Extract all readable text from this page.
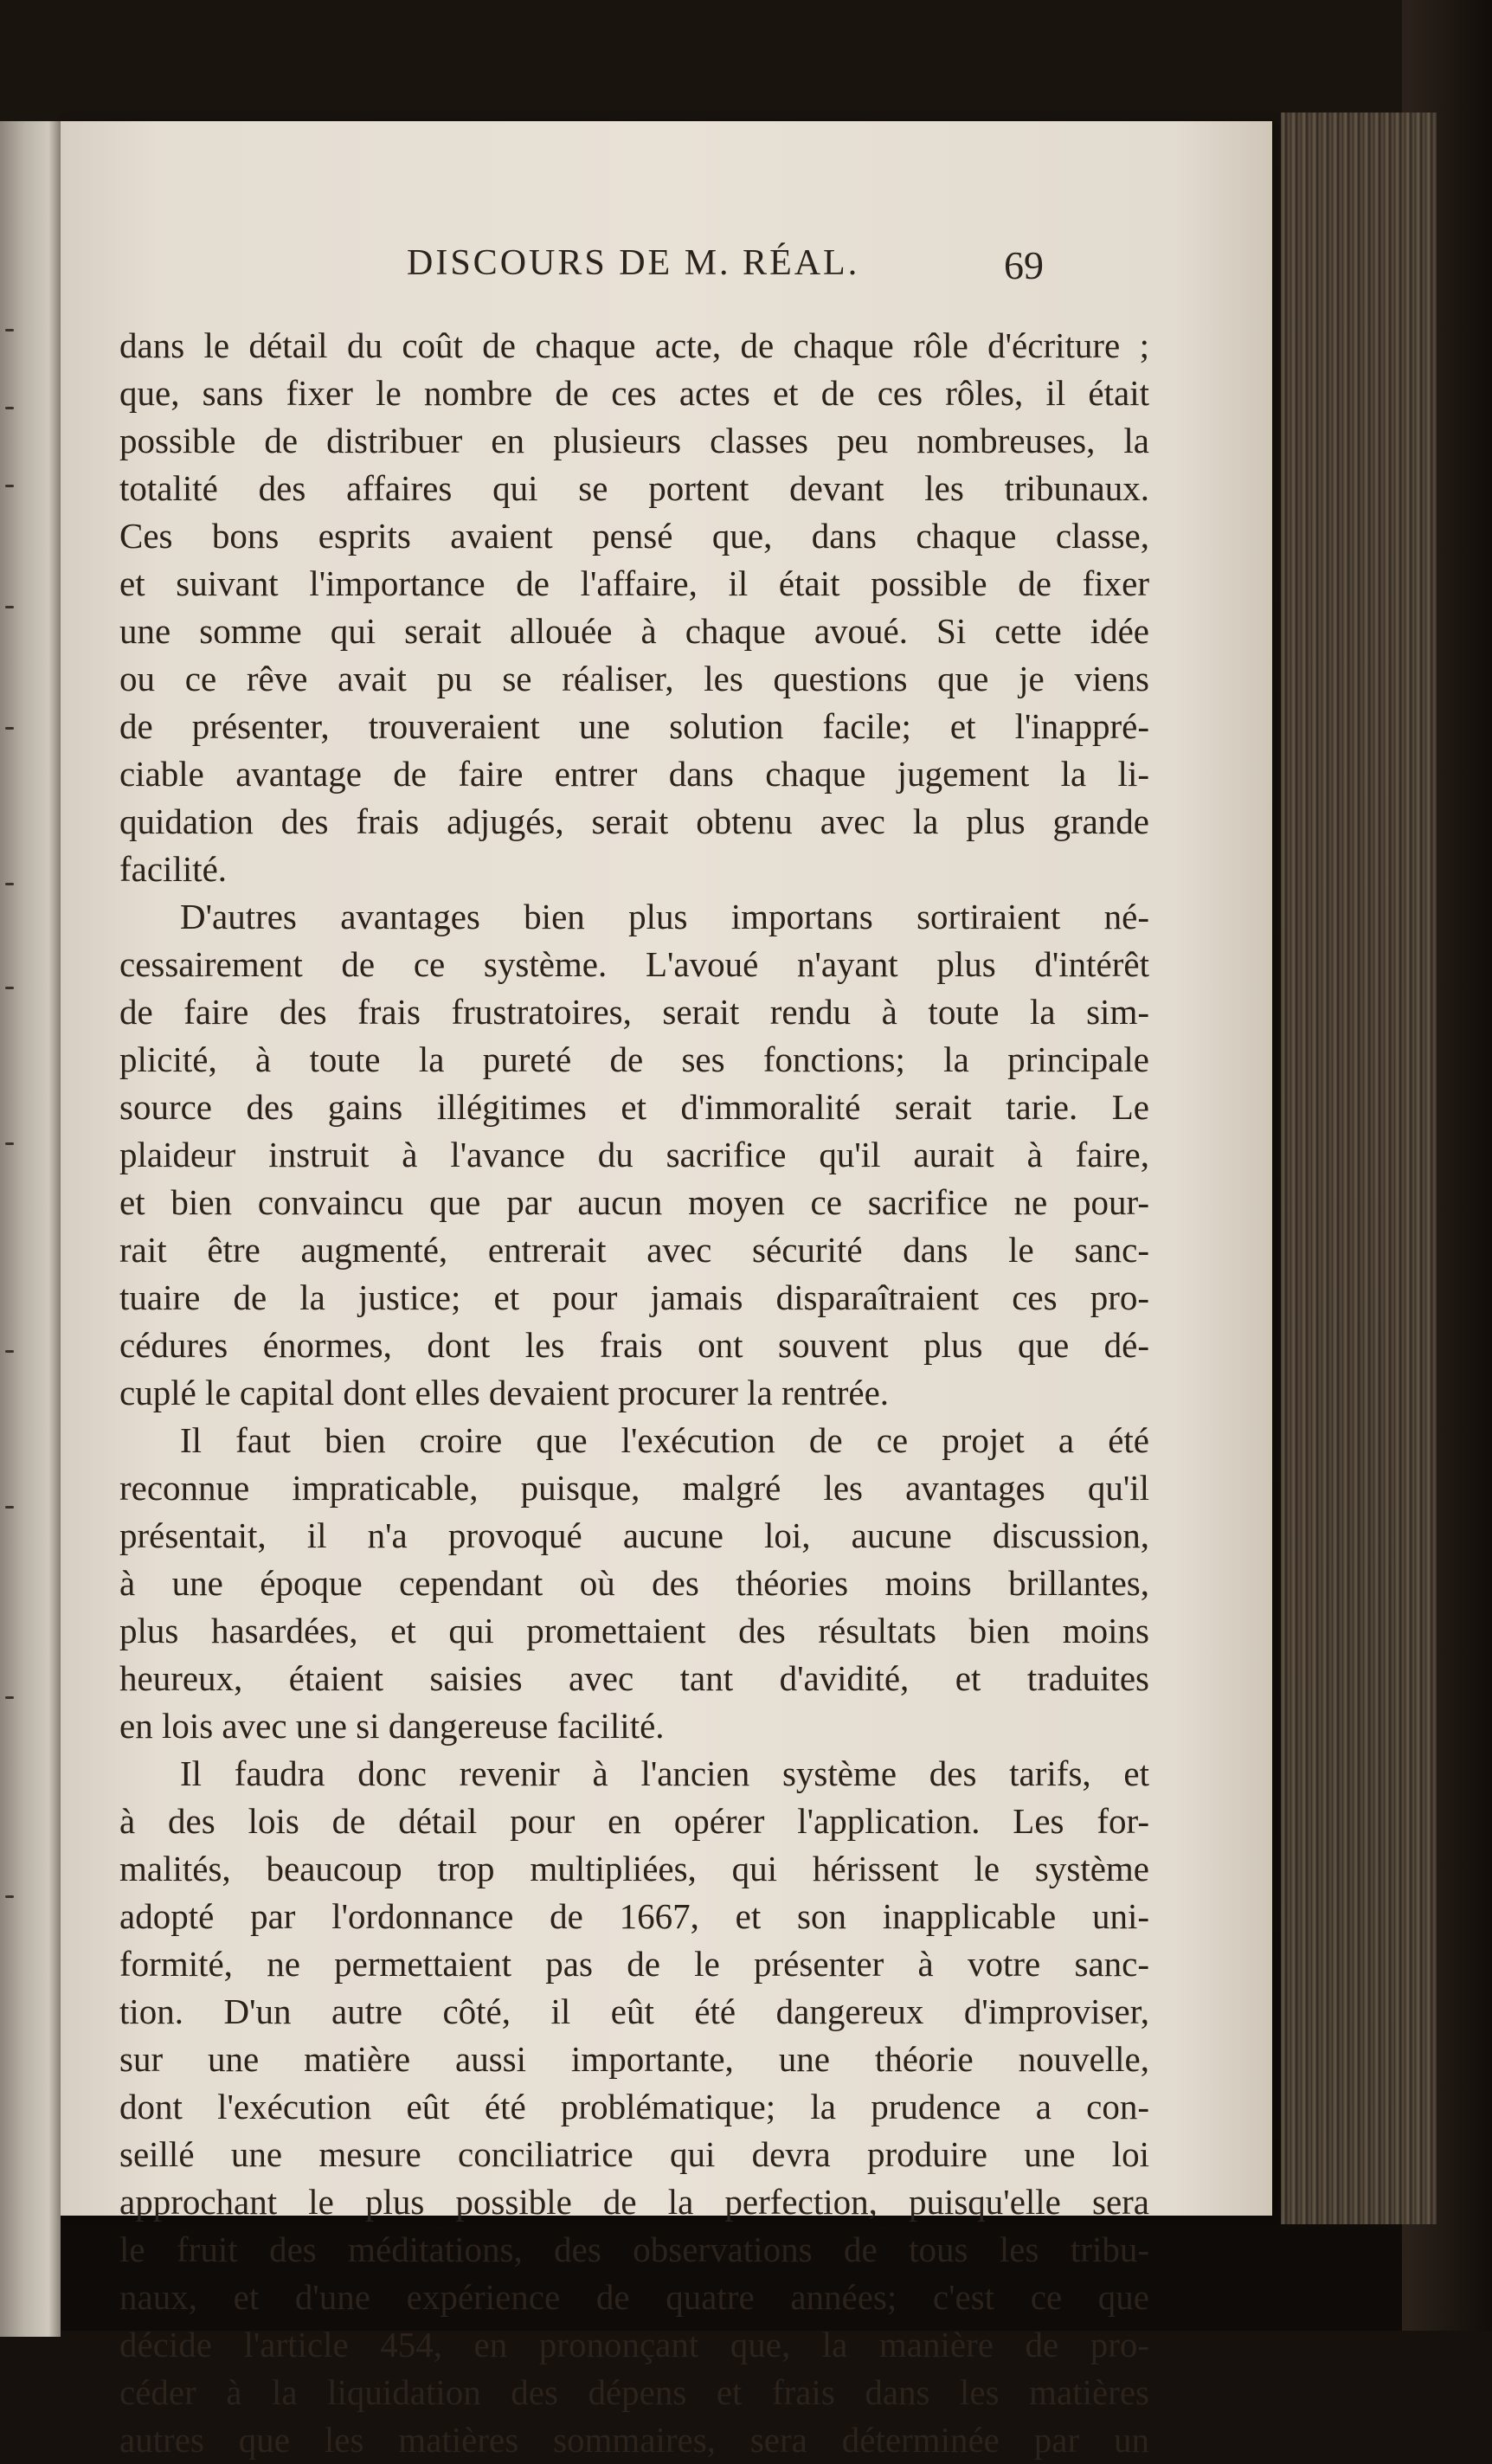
DISCOURS DE M. RÉAL.	69
dans le détail du coût de chaque acte, de chaque rôle d'écriture ;
que, sans fixer le nombre de ces actes et de ces rôles, il était
possible de distribuer en plusieurs classes peu nombreuses, la
totalité des affaires qui se portent devant les tribunaux.
Ces bons esprits avaient pensé que, dans chaque classe,
et suivant l'importance de l'affaire, il était possible de fixer
une somme qui serait allouée à chaque avoué. Si cette idée
ou ce rêve avait pu se réaliser, les questions que je viens
de présenter, trouveraient une solution facile; et l'inappré-
ciable avantage de faire entrer dans chaque jugement la li-
quidation des frais adjugés, serait obtenu avec la plus grande
facilité.
D'autres avantages bien plus importans sortiraient né-
cessairement de ce système. L'avoué n'ayant plus d'intérêt
de faire des frais frustratoires, serait rendu à toute la sim-
plicité, à toute la pureté de ses fonctions; la principale
source des gains illégitimes et d'immoralité serait tarie. Le
plaideur instruit à l'avance du sacrifice qu'il aurait à faire,
et bien convaincu que par aucun moyen ce sacrifice ne pour-
rait être augmenté, entrerait avec sécurité dans le sanc-
tuaire de la justice; et pour jamais disparaîtraient ces pro-
cédures énormes, dont les frais ont souvent plus que dé-
cuplé le capital dont elles devaient procurer la rentrée.
Il faut bien croire que l'exécution de ce projet a été
reconnue impraticable, puisque, malgré les avantages qu'il
présentait, il n'a provoqué aucune loi, aucune discussion,
à une époque cependant où des théories moins brillantes,
plus hasardées, et qui promettaient des résultats bien moins
heureux, étaient saisies avec tant d'avidité, et traduites
en lois avec une si dangereuse facilité.
Il faudra donc revenir à l'ancien système des tarifs, et
à des lois de détail pour en opérer l'application. Les for-
malités, beaucoup trop multipliées, qui hérissent le système
adopté par l'ordonnance de 1667, et son inapplicable uni-
formité, ne permettaient pas de le présenter à votre sanc-
tion. D'un autre côté, il eût été dangereux d'improviser,
sur une matière aussi importante, une théorie nouvelle,
dont l'exécution eût été problématique; la prudence a con-
seillé une mesure conciliatrice qui devra produire une loi
approchant le plus possible de la perfection, puisqu'elle sera
le fruit des méditations, des observations de tous les tribu-
naux, et d'une expérience de quatre années; c'est ce que
décide l'article 454, en prononçant que, la manière de pro-
céder à la liquidation des dépens et frais dans les matières
autres que les matières sommaires, sera déterminée par un
